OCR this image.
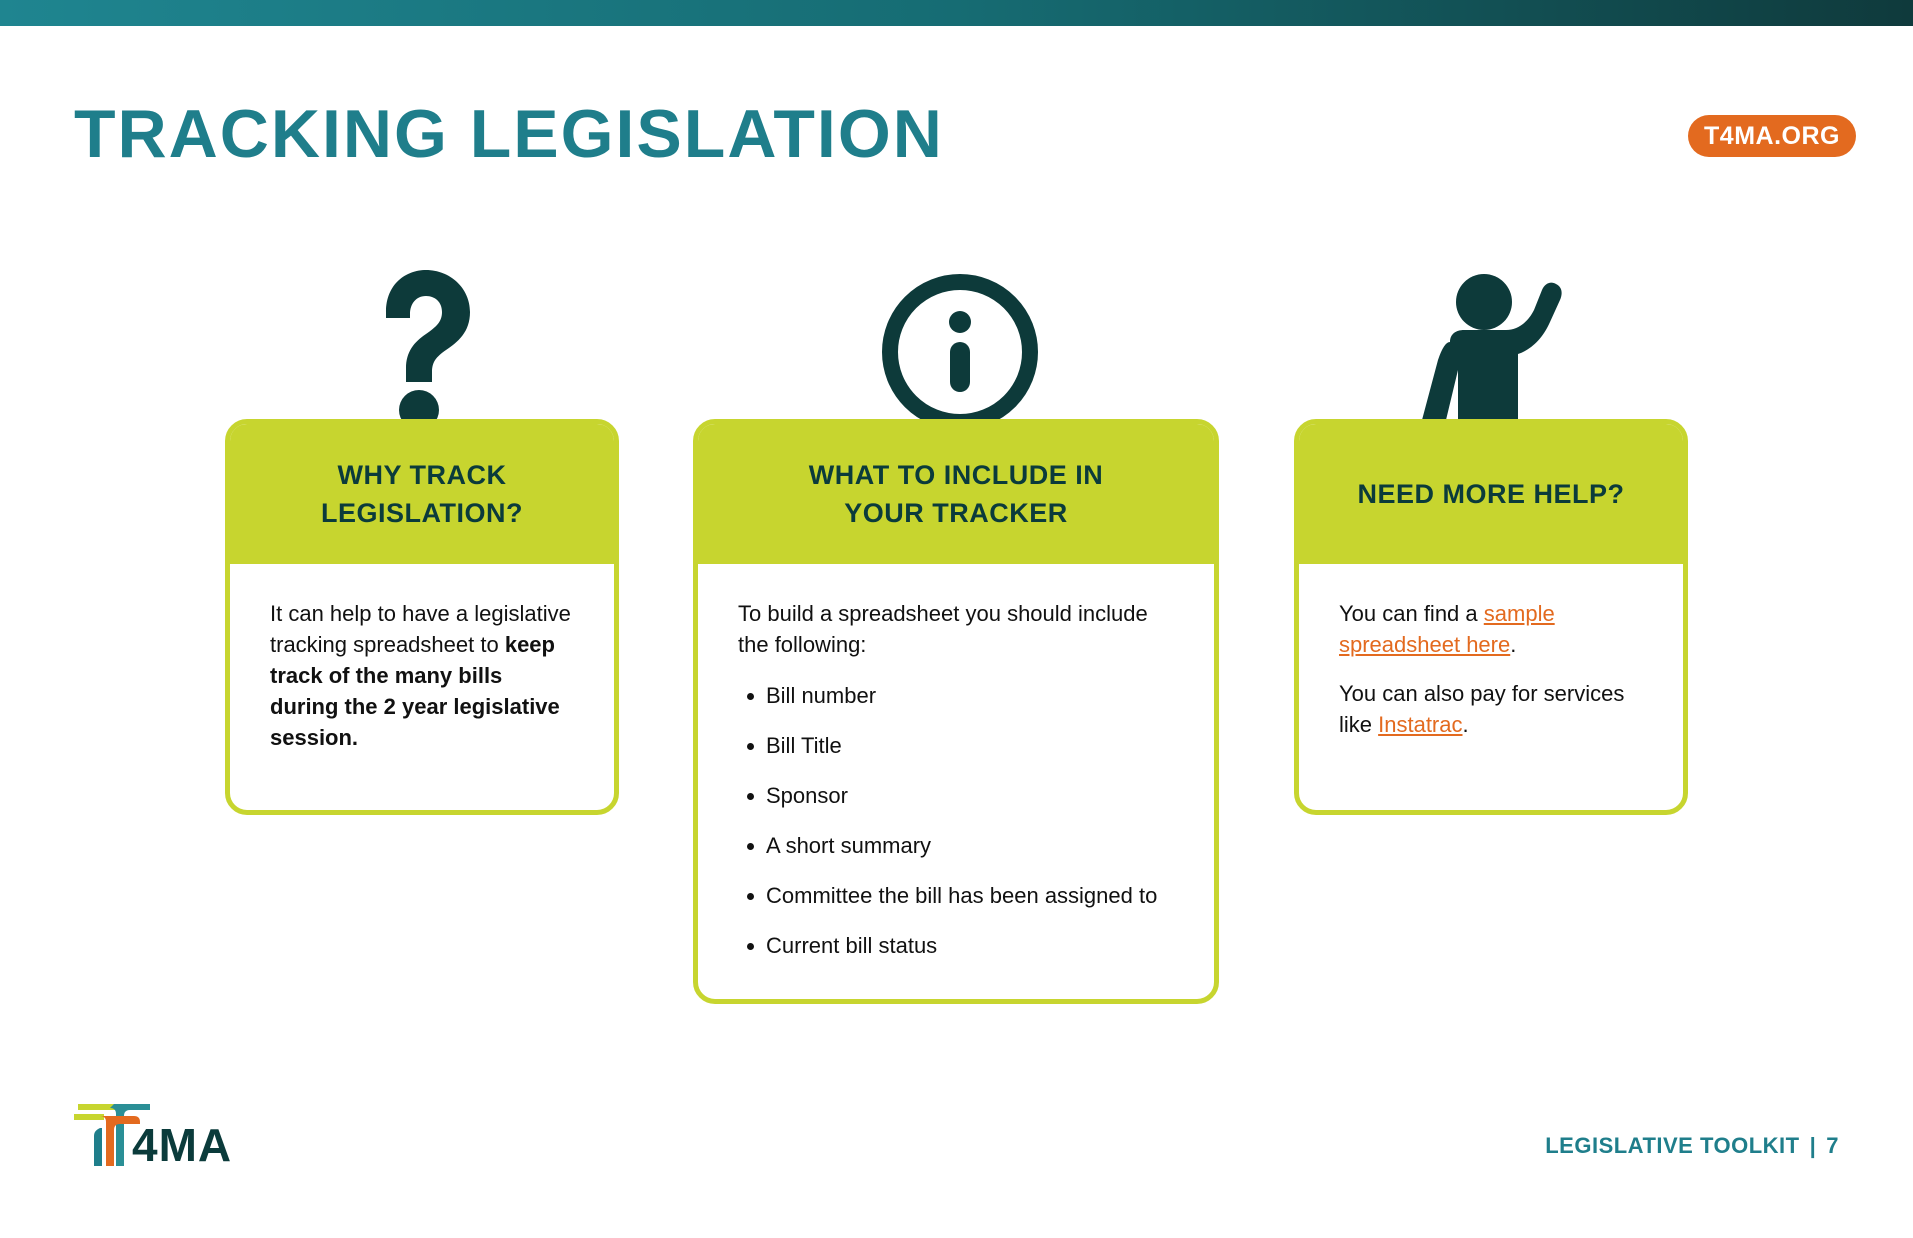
TRACKING LEGISLATION	T4MA.ORG
WHY TRACK
LEGISLATION?

It can help to have a legislative tracking spreadsheet to keep track of the many bills during the 2 year legislative session.

WHAT TO INCLUDE IN
YOUR TRACKER

To build a spreadsheet you should include the following:

Bill number
Bill Title
Sponsor
A short summary
Committee the bill has been assigned to
Current bill status
NEED MORE HELP?

You can find a sample spreadsheet here.

You can also pay for services like Instatrac.

4MA	LEGISLATIVE TOOLKIT | 7
